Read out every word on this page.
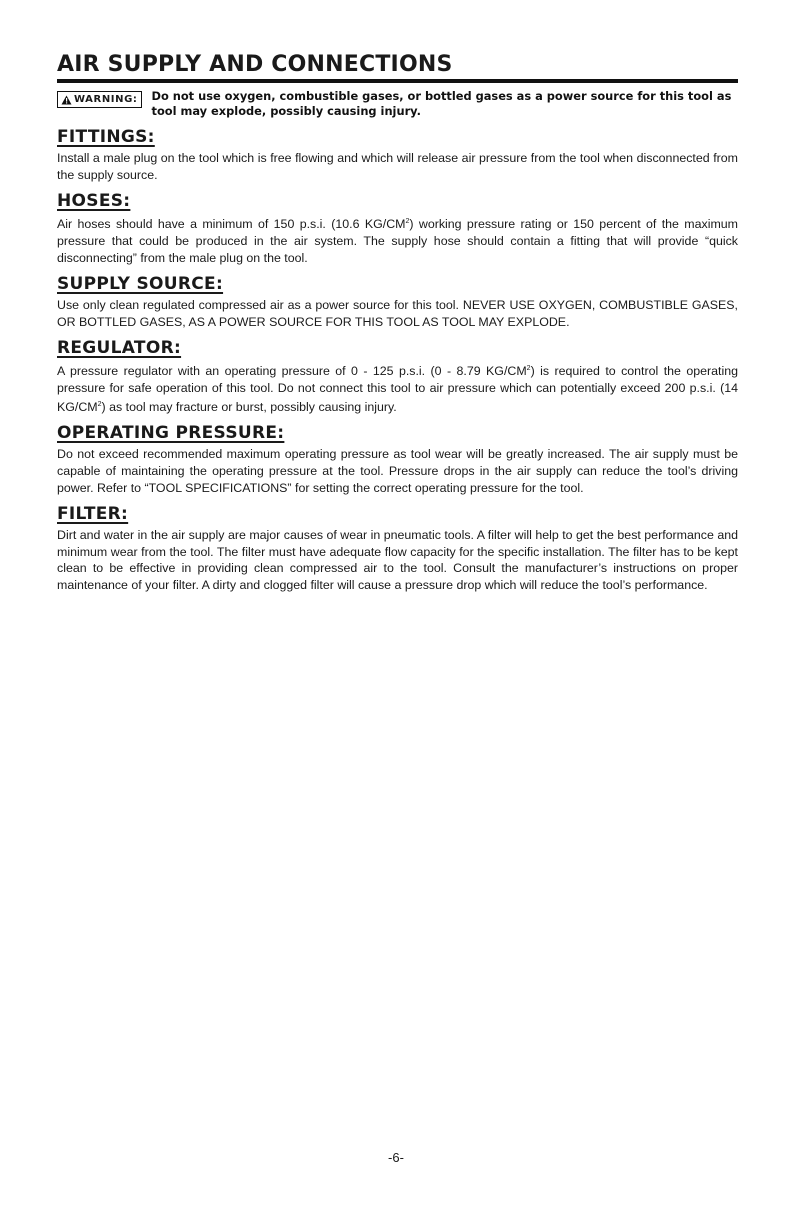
AIR SUPPLY AND CONNECTIONS
WARNING: Do not use oxygen, combustible gases, or bottled gases as a power source for this tool as tool may explode, possibly causing injury.
FITTINGS:

Install a male plug on the tool which is free flowing and which will release air pressure from the tool when disconnected from the supply source.

HOSES:

Air hoses should have a minimum of 150 p.s.i. (10.6 $KG/CM^2$) working pressure rating or 150 percent of the maximum pressure that could be produced in the air system. The supply hose should contain a fitting that will provide “quick disconnecting” from the male plug on the tool.

SUPPLY SOURCE:

Use only clean regulated compressed air as a power source for this tool. NEVER USE OXYGEN, COMBUSTIBLE GASES, OR BOTTLED GASES, AS A POWER SOURCE FOR THIS TOOL AS TOOL MAY EXPLODE.

REGULATOR:

A pressure regulator with an operating pressure of 0 - 125 p.s.i. (0 - 8.79 $KG/CM^2$) is required to control the operating pressure for safe operation of this tool. Do not connect this tool to air pressure which can potentially exceed 200 p.s.i. (14 $KG/CM^2$) as tool may fracture or burst, possibly causing injury.

OPERATING PRESSURE:

Do not exceed recommended maximum operating pressure as tool wear will be greatly increased. The air supply must be capable of maintaining the operating pressure at the tool. Pressure drops in the air supply can reduce the tool’s driving power. Refer to “TOOL SPECIFICATIONS” for setting the correct operating pressure for the tool.

FILTER:

Dirt and water in the air supply are major causes of wear in pneumatic tools. A filter will help to get the best performance and minimum wear from the tool. The filter must have adequate flow capacity for the specific installation. The filter has to be kept clean to be effective in providing clean compressed air to the tool. Consult the manufacturer’s instructions on proper maintenance of your filter. A dirty and clogged filter will cause a pressure drop which will reduce the tool’s performance.

-6-
